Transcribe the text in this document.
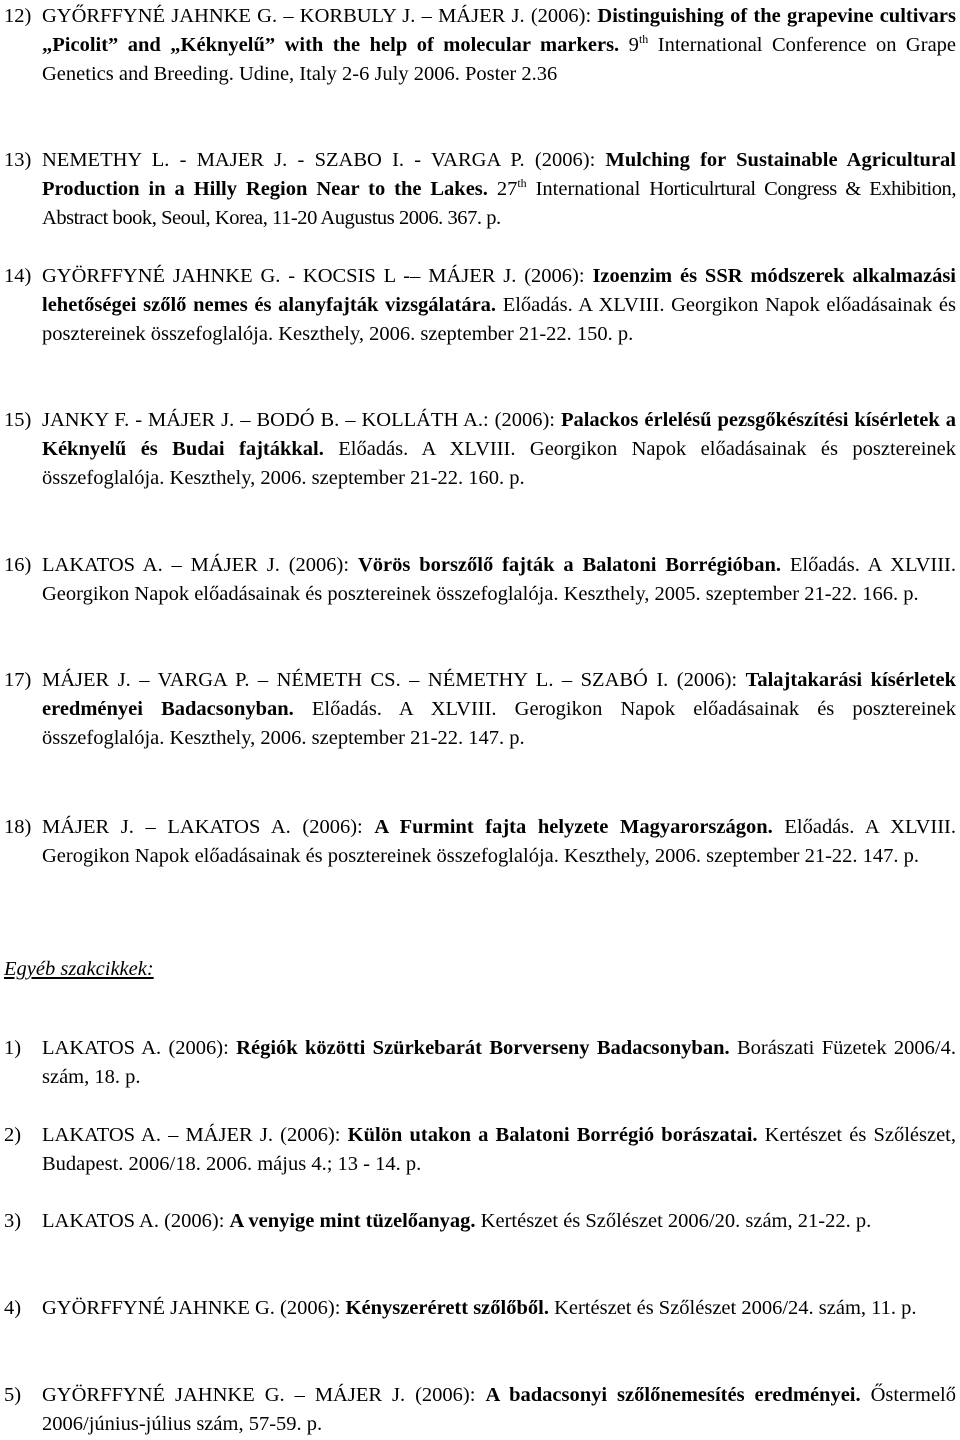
12) GYŐRFFYNÉ JAHNKE G. – KORBULY J. – MÁJER J. (2006): Distinguishing of the grapevine cultivars „Picolit” and „Kéknyelű” with the help of molecular markers. 9th International Conference on Grape Genetics and Breeding. Udine, Italy 2-6 July 2006. Poster 2.36
13) NEMETHY L. - MAJER J. - SZABO I. - VARGA P. (2006): Mulching for Sustainable Agricultural Production in a Hilly Region Near to the Lakes. 27th International Horticulrtural Congress & Exhibition, Abstract book, Seoul, Korea, 11-20 Augustus 2006. 367. p.
14) GYÖRFFYNÉ JAHNKE G. - KOCSIS L -– MÁJER J. (2006): Izoenzim és SSR módszerek alkalmazási lehetőségei szőlő nemes és alanyfajták vizsgálatára. Előadás. A XLVIII. Georgikon Napok előadásainak és posztereinek összefoglalója. Keszthely, 2006. szeptember 21-22. 150. p.
15) JANKY F. - MÁJER J. – BODÓ B. – KOLLÁTH A.: (2006): Palackos érlelésű pezsgőkészítési kísérletek a Kéknyelű és Budai fajtákkal. Előadás. A XLVIII. Georgikon Napok előadásainak és posztereinek összefoglalója. Keszthely, 2006. szeptember 21-22. 160. p.
16) LAKATOS A. – MÁJER J. (2006): Vörös borszőlő fajták a Balatoni Borrégióban. Előadás. A XLVIII. Georgikon Napok előadásainak és posztereinek összefoglalója. Keszthely, 2005. szeptember 21-22. 166. p.
17) MÁJER J. – VARGA P. – NÉMETH CS. – NÉMETHY L. – SZABÓ I. (2006): Talajtakarási kísérletek eredményei Badacsonyban. Előadás. A XLVIII. Gerogikon Napok előadásainak és posztereinek összefoglalója. Keszthely, 2006. szeptember 21-22. 147. p.
18) MÁJER J. – LAKATOS A. (2006): A Furmint fajta helyzete Magyarországon. Előadás. A XLVIII. Gerogikon Napok előadásainak és posztereinek összefoglalója. Keszthely, 2006. szeptember 21-22. 147. p.
Egyéb szakcikkek:
1) LAKATOS A. (2006): Régiók közötti Szürkebarát Borverseny Badacsonyban. Borászati Füzetek 2006/4. szám, 18. p.
2) LAKATOS A. – MÁJER J. (2006): Külön utakon a Balatoni Borrégió borászatai. Kertészet és Szőlészet, Budapest. 2006/18. 2006. május 4.; 13 - 14. p.
3) LAKATOS A. (2006): A venyige mint tüzelőanyag. Kertészet és Szőlészet 2006/20. szám, 21-22. p.
4) GYÖRFFYNÉ JAHNKE G. (2006): Kényszerérett szőlőből. Kertészet és Szőlészet 2006/24. szám, 11. p.
5) GYÖRFFYNÉ JAHNKE G. – MÁJER J. (2006): A badacsonyi szőlőnemesítés eredményei. Őstermelő 2006/június-július szám, 57-59. p.
